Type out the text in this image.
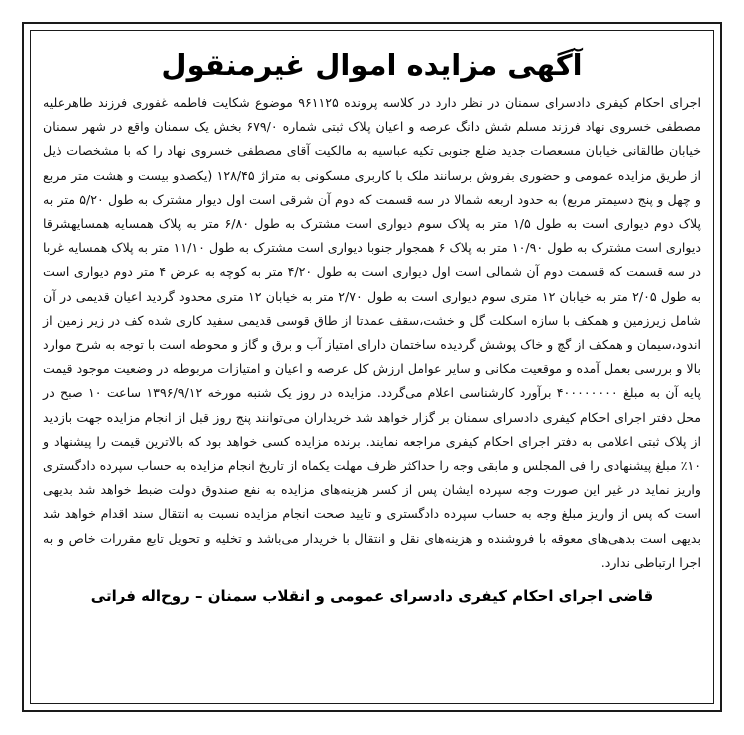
آگهی مزایده اموال غیرمنقول

اجرای احکام کیفری دادسرای سمنان در نظر دارد در کلاسه پرونده ۹۶۱۱۲۵ موضوع شکایت فاطمه غفوری فرزند طاهرعلیه مصطفی خسروی نهاد فرزند مسلم شش دانگ عرصه و اعیان پلاک ثبتی شماره ۶۷۹/۰ بخش یک سمنان واقع در شهر سمنان خیابان طالقانی خیابان مسعصات جدید ضلع جنوبی تکیه عباسیه به مالکیت آقای مصطفی خسروی نهاد را که با مشخصات ذیل از طریق مزایده عمومی و حضوری بفروش برسانند ملک با کاربری مسکونی به متراژ ۱۲۸/۴۵ (یکصدو بیست و هشت متر مربع و چهل و پنج دسیمتر مربع) به حدود اربعه شمالا در سه قسمت که دوم آن شرقی است اول دیوار مشترک به طول ۵/۲۰ متر به پلاک دوم دیواری است به طول ۱/۵ متر به پلاک سوم دیواری است مشترک به طول ۶/۸۰ متر به پلاک همسایه همسایهشرقا دیواری است مشترک به طول ۱۰/۹۰ متر به پلاک ۶ همجوار جنوبا دیواری است مشترک به طول ۱۱/۱۰ متر به پلاک همسایه غربا در سه قسمت که قسمت دوم آن شمالی است اول دیواری است به طول ۴/۲۰ متر به کوچه به عرض ۴ متر دوم دیواری است به طول ۲/۰۵ متر به خیابان ۱۲ متری سوم دیواری است به طول ۲/۷۰ متر به خیابان ۱۲ متری محدود گردید اعیان قدیمی در آن شامل زیرزمین و همکف با سازه اسکلت گل و خشت،سقف عمدتا از طاق قوسی قدیمی سفید کاری شده کف در زیر زمین از اندود،سیمان و همکف از گچ و خاک پوشش گردیده ساختمان دارای امتیاز آب و برق و گاز و محوطه است با توجه به شرح موارد بالا و بررسی بعمل آمده و موقعیت مکانی و سایر عوامل ارزش کل عرصه و اعیان و امتیازات مربوطه در وضعیت موجود قیمت پایه آن به مبلغ ۴۰۰۰۰۰۰۰۰ برآورد کارشناسی اعلام می‌گردد. مزایده در روز یک شنبه مورخه ۱۳۹۶/۹/۱۲ ساعت ۱۰ صبح در محل دفتر اجرای احکام کیفری دادسرای سمنان بر گزار خواهد شد خریداران می‌توانند پنج روز قبل از انجام مزایده جهت بازدید از پلاک ثبتی اعلامی به دفتر اجرای احکام کیفری مراجعه نمایند. برنده مزایده کسی خواهد بود که بالاترین قیمت را پیشنهاد و ۱۰٪ مبلغ پیشنهادی را فی المجلس و مابقی وجه را حداکثر ظرف مهلت یکماه از تاریخ انجام مزایده به حساب سپرده دادگستری واریز نماید در غیر این صورت وجه سپرده ایشان پس از کسر هزینه‌های مزایده به نفع صندوق دولت ضبط خواهد شد بدیهی است که پس از واریز مبلغ وجه به حساب سپرده دادگستری و تایید صحت انجام مزایده نسبت به انتقال سند اقدام خواهد شد بدیهی است بدهی‌های معوقه با فروشنده و هزینه‌های نقل و انتقال با خریدار می‌باشد و تخلیه و تحویل تابع مقررات خاص و به اجرا ارتباطی ندارد.

قاضی اجرای احکام کیفری دادسرای عمومی و انقلاب سمنان – روح‌اله فراتی
